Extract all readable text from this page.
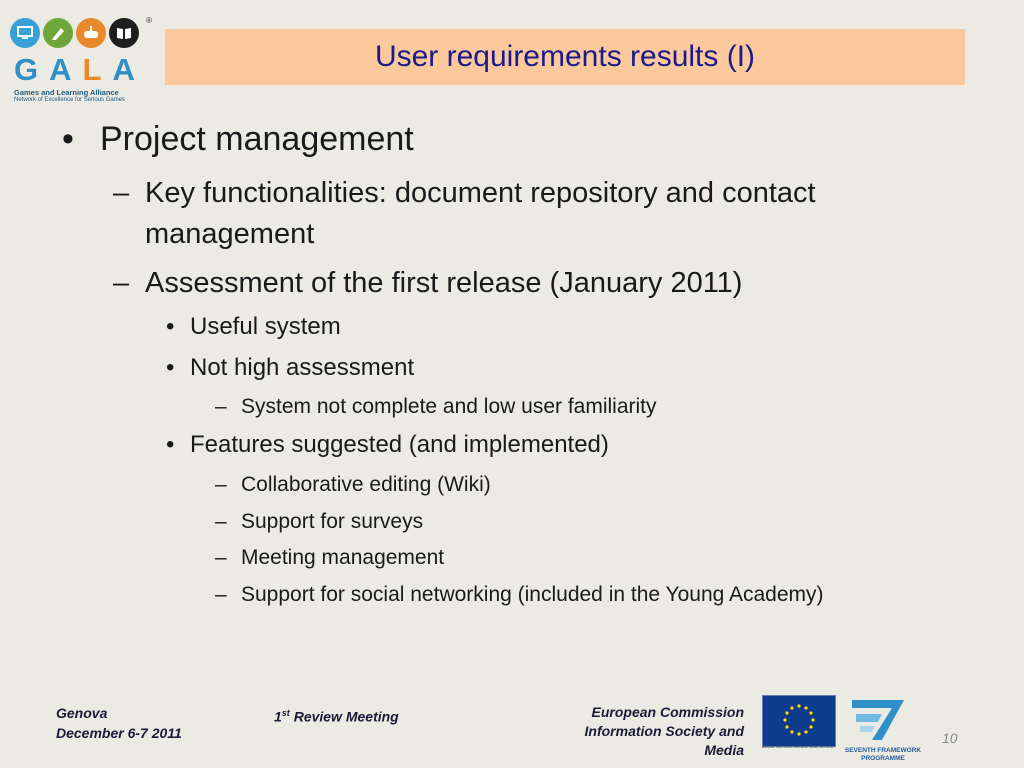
®
GALA
Games and Learning Alliance
Network of Excellence for Serious Games
User requirements results (I)
• Project management
– Key functionalities: document repository and contact
management
– Assessment of the first release (January 2011)
• Useful system
• Not high assessment
– System not complete and low user familiarity
• Features suggested (and implemented)
– Collaborative editing (Wiki)
– Support for surveys
– Meeting management
– Support for social networking (included in the Young Academy)
Genova
December 6-7 2011
1st Review Meeting	European Commission
Information Society and
Media	European Commission Information Society and Media	SEVENTH FRAMEWORK
PROGRAMME
10
